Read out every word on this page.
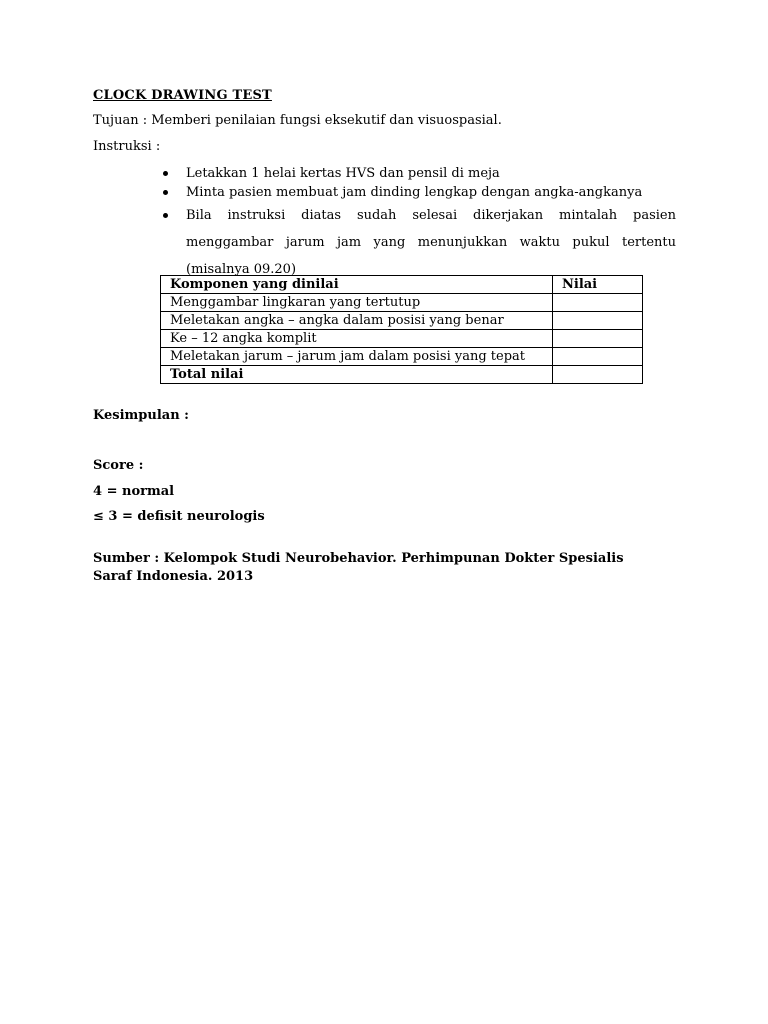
CLOCK DRAWING TEST
Tujuan : Memberi penilaian fungsi eksekutif dan visuospasial.
Instruksi :
Letakkan 1 helai kertas HVS dan pensil di meja
Minta pasien membuat jam dinding lengkap dengan angka-angkanya
Bila instruksi diatas sudah selesai dikerjakan mintalah pasien menggambar jarum jam yang menunjukkan waktu pukul tertentu (misalnya 09.20)
Komponen yang dinilai	Nilai
Menggambar lingkaran yang tertutup	
Meletakan angka – angka dalam posisi yang benar	
Ke – 12 angka komplit	
Meletakan jarum – jarum jam dalam posisi yang tepat	
Total nilai	
Kesimpulan :
Score :
4 = normal
≤ 3 = defisit neurologis
Sumber : Kelompok Studi Neurobehavior. Perhimpunan Dokter Spesialis Saraf Indonesia. 2013
